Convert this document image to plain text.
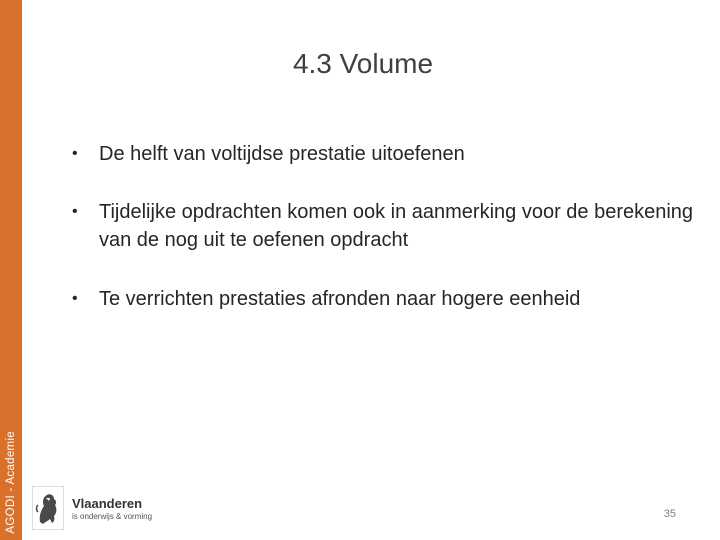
AGODI - Academie
4.3 Volume
• De helft van voltijdse prestatie uitoefenen
• Tijdelijke opdrachten komen ook in aanmerking voor de berekening van de nog uit te oefenen opdracht
• Te verrichten prestaties afronden naar hogere eenheid
Vlaanderen
is onderwijs & vorming	35
